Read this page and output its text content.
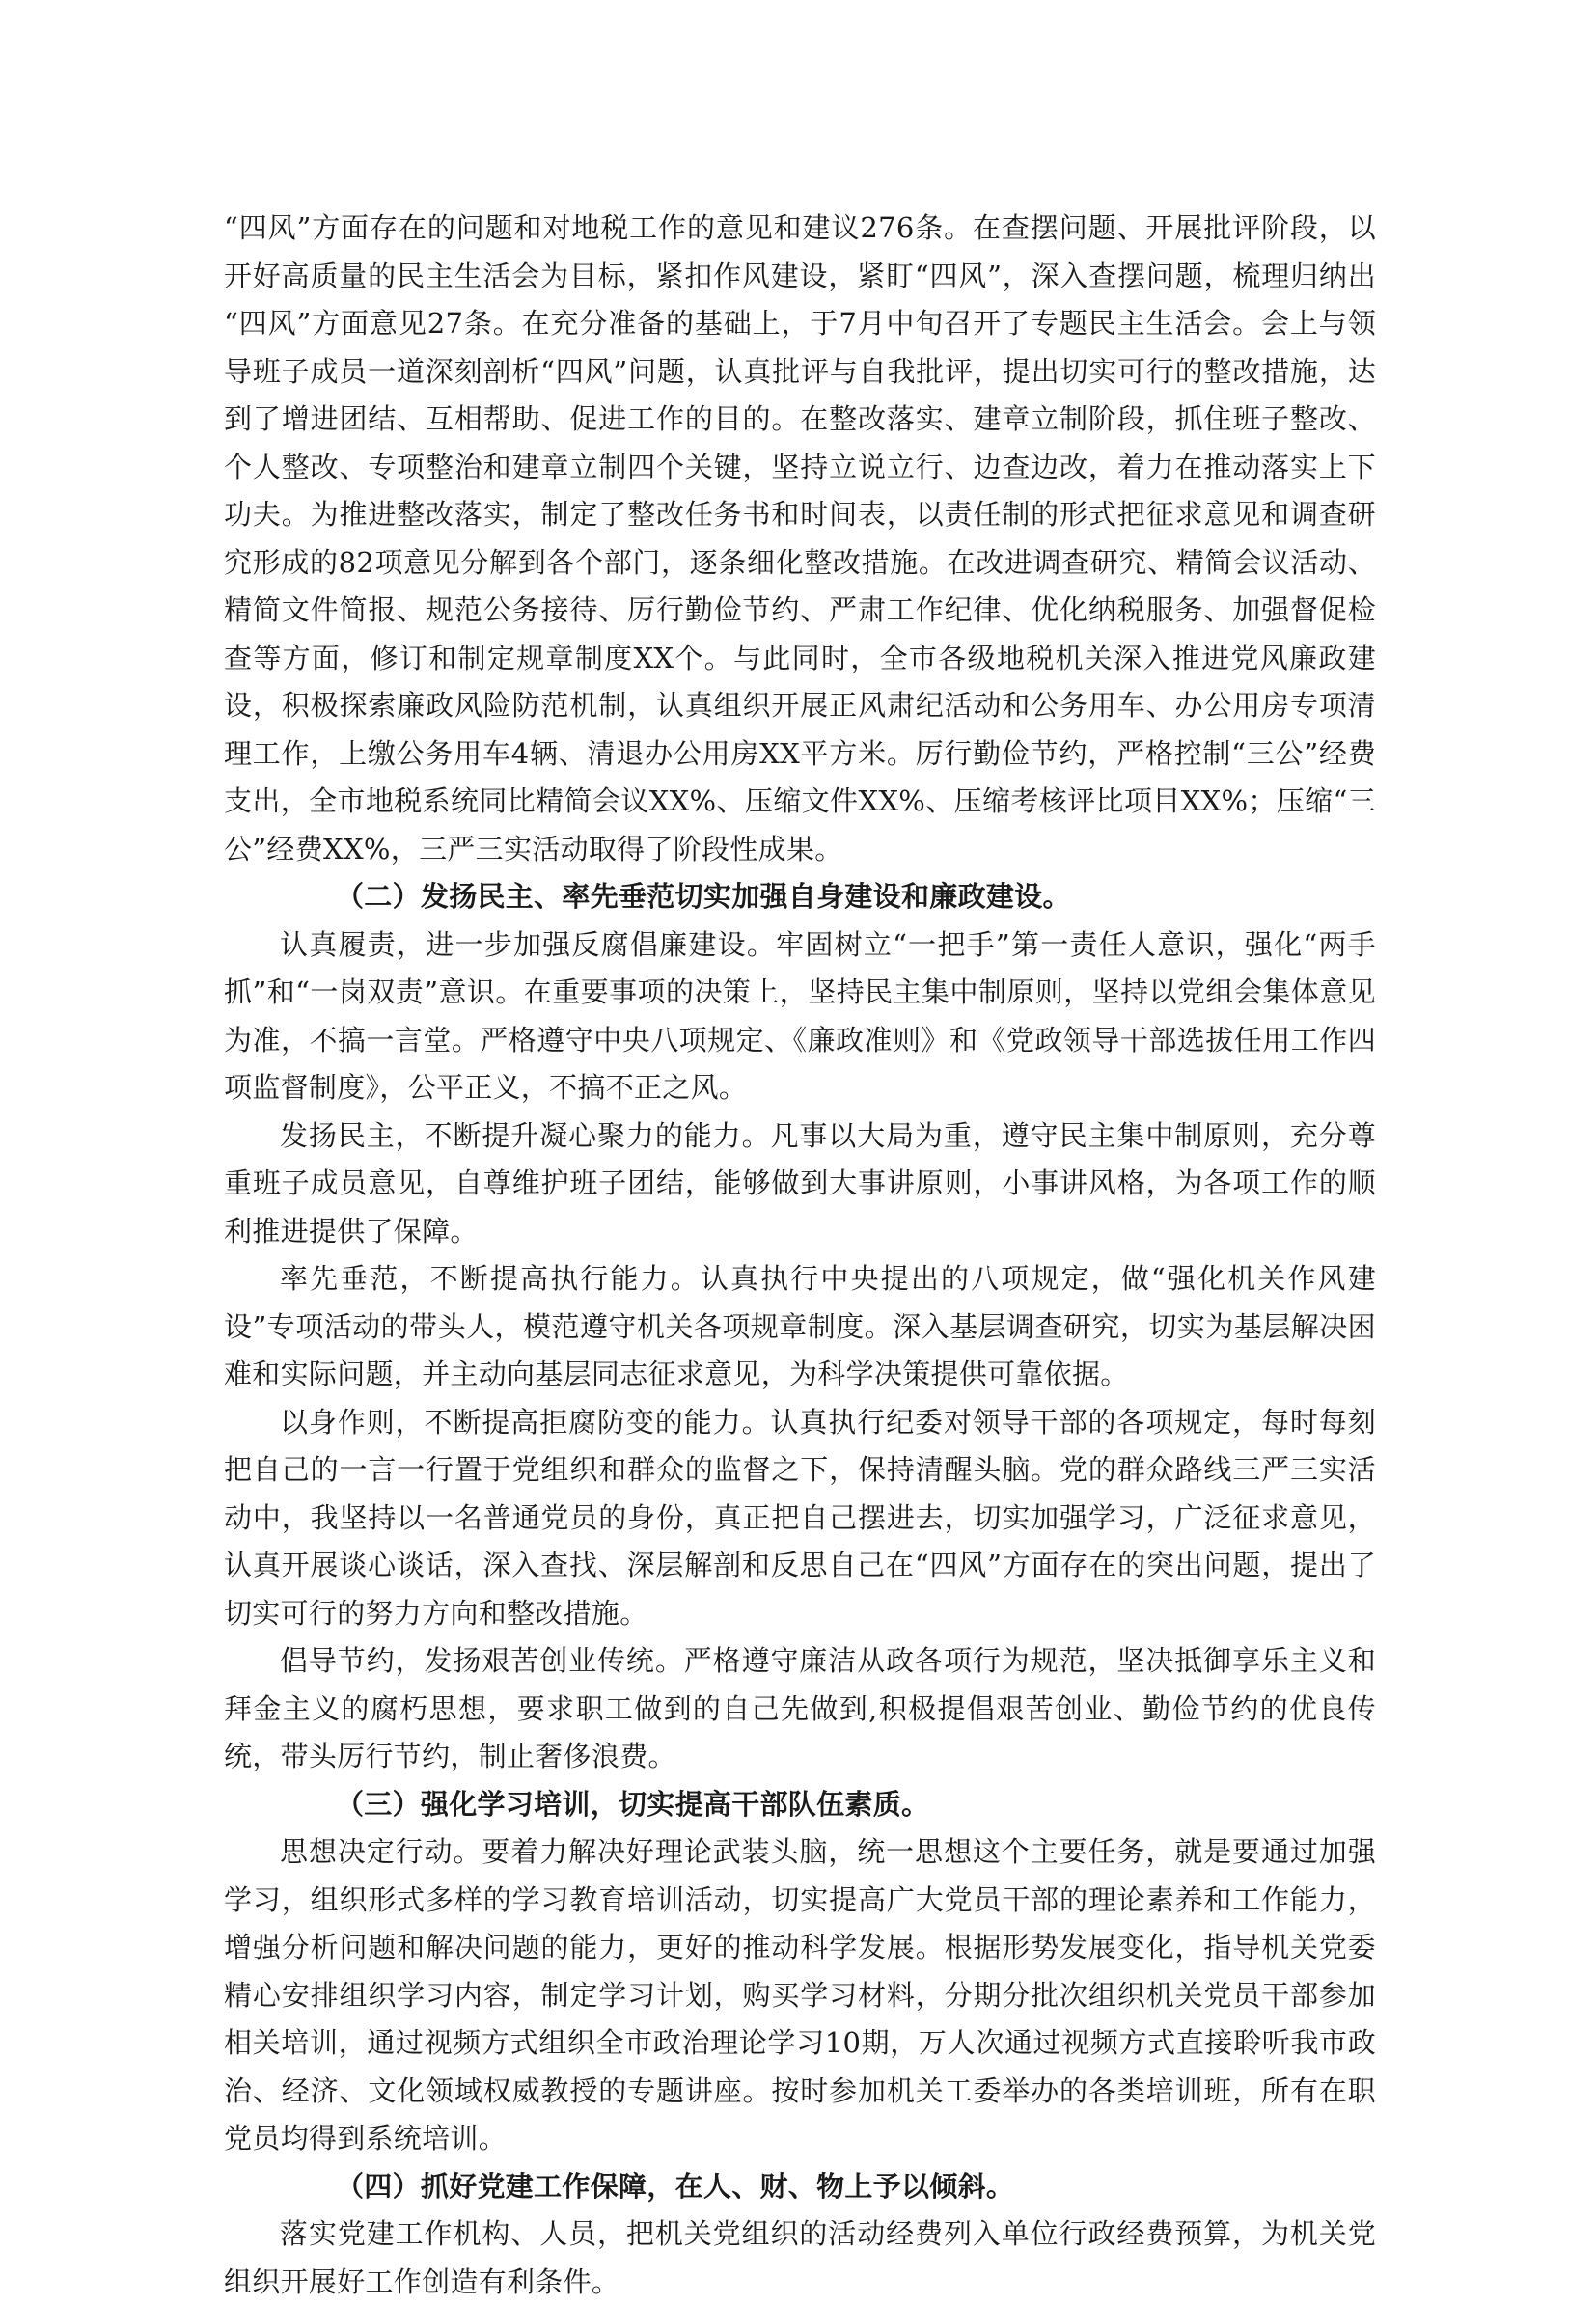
“四风”方面存在的问题和对地税工作的意见和建议276条。在查摆问题、开展批评阶段，以开好高质量的民主生活会为目标，紧扣作风建设，紧盯“四风”，深入查摆问题，梳理归纳出 “四风”方面意见27条。在充分准备的基础上，于7月中旬召开了专题民主生活会。会上与领导班子成员一道深刻剖析“四风”问题，认真批评与自我批评，提出切实可行的整改措施，达到了增进团结、互相帮助、促进工作的目的。在整改落实、建章立制阶段，抓住班子整改、个人整改、专项整治和建章立制四个关键，坚持立说立行、边查边改，着力在推动落实上下功夫。为推进整改落实，制定了整改任务书和时间表，以责任制的形式把征求意见和调查研究形成的82项意见分解到各个部门，逐条细化整改措施。在改进调查研究、精简会议活动、精简文件简报、规范公务接待、厉行勤俭节约、严肃工作纪律、优化纳税服务、加强督促检查等方面，修订和制定规章制度XX个。与此同时，全市各级地税机关深入推进党风廉政建设，积极探索廉政风险防范机制，认真组织开展正风肃纪活动和公务用车、办公用房专项清理工作，上缴公务用车4辆、清退办公用房XX平方米。厉行勤俭节约，严格控制“三公”经费支出，全市地税系统同比精简会议XX%、压缩文件XX%、压缩考核评比项目XX%；压缩“三公”经费XX%，三严三实活动取得了阶段性成果。

（二）发扬民主、率先垂范切实加强自身建设和廉政建设。

认真履责，进一步加强反腐倡廉建设。牢固树立“一把手”第一责任人意识，强化“两手抓”和“一岗双责”意识。在重要事项的决策上，坚持民主集中制原则，坚持以党组会集体意见为准，不搞一言堂。严格遵守中央八项规定、《廉政准则》和《党政领导干部选拔任用工作四项监督制度》，公平正义，不搞不正之风。

发扬民主，不断提升凝心聚力的能力。凡事以大局为重，遵守民主集中制原则，充分尊重班子成员意见，自尊维护班子团结，能够做到大事讲原则，小事讲风格，为各项工作的顺利推进提供了保障。

率先垂范，不断提高执行能力。认真执行中央提出的八项规定，做“强化机关作风建设”专项活动的带头人，模范遵守机关各项规章制度。深入基层调查研究，切实为基层解决困难和实际问题，并主动向基层同志征求意见，为科学决策提供可靠依据。

以身作则，不断提高拒腐防变的能力。认真执行纪委对领导干部的各项规定，每时每刻把自己的一言一行置于党组织和群众的监督之下，保持清醒头脑。党的群众路线三严三实活动中，我坚持以一名普通党员的身份，真正把自己摆进去，切实加强学习，广泛征求意见，认真开展谈心谈话，深入查找、深层解剖和反思自己在“四风”方面存在的突出问题，提出了切实可行的努力方向和整改措施。

倡导节约，发扬艰苦创业传统。严格遵守廉洁从政各项行为规范，坚决抵御享乐主义和拜金主义的腐朽思想，要求职工做到的自己先做到,积极提倡艰苦创业、勤俭节约的优良传统，带头厉行节约，制止奢侈浪费。

（三）强化学习培训，切实提高干部队伍素质。

思想决定行动。要着力解决好理论武装头脑，统一思想这个主要任务，就是要通过加强学习，组织形式多样的学习教育培训活动，切实提高广大党员干部的理论素养和工作能力，增强分析问题和解决问题的能力，更好的推动科学发展。根据形势发展变化，指导机关党委精心安排组织学习内容，制定学习计划，购买学习材料，分期分批次组织机关党员干部参加相关培训，通过视频方式组织全市政治理论学习10期，万人次通过视频方式直接聆听我市政治、经济、文化领域权威教授的专题讲座。按时参加机关工委举办的各类培训班，所有在职党员均得到系统培训。

（四）抓好党建工作保障，在人、财、物上予以倾斜。

落实党建工作机构、人员，把机关党组织的活动经费列入单位行政经费预算，为机关党组织开展好工作创造有利条件。
